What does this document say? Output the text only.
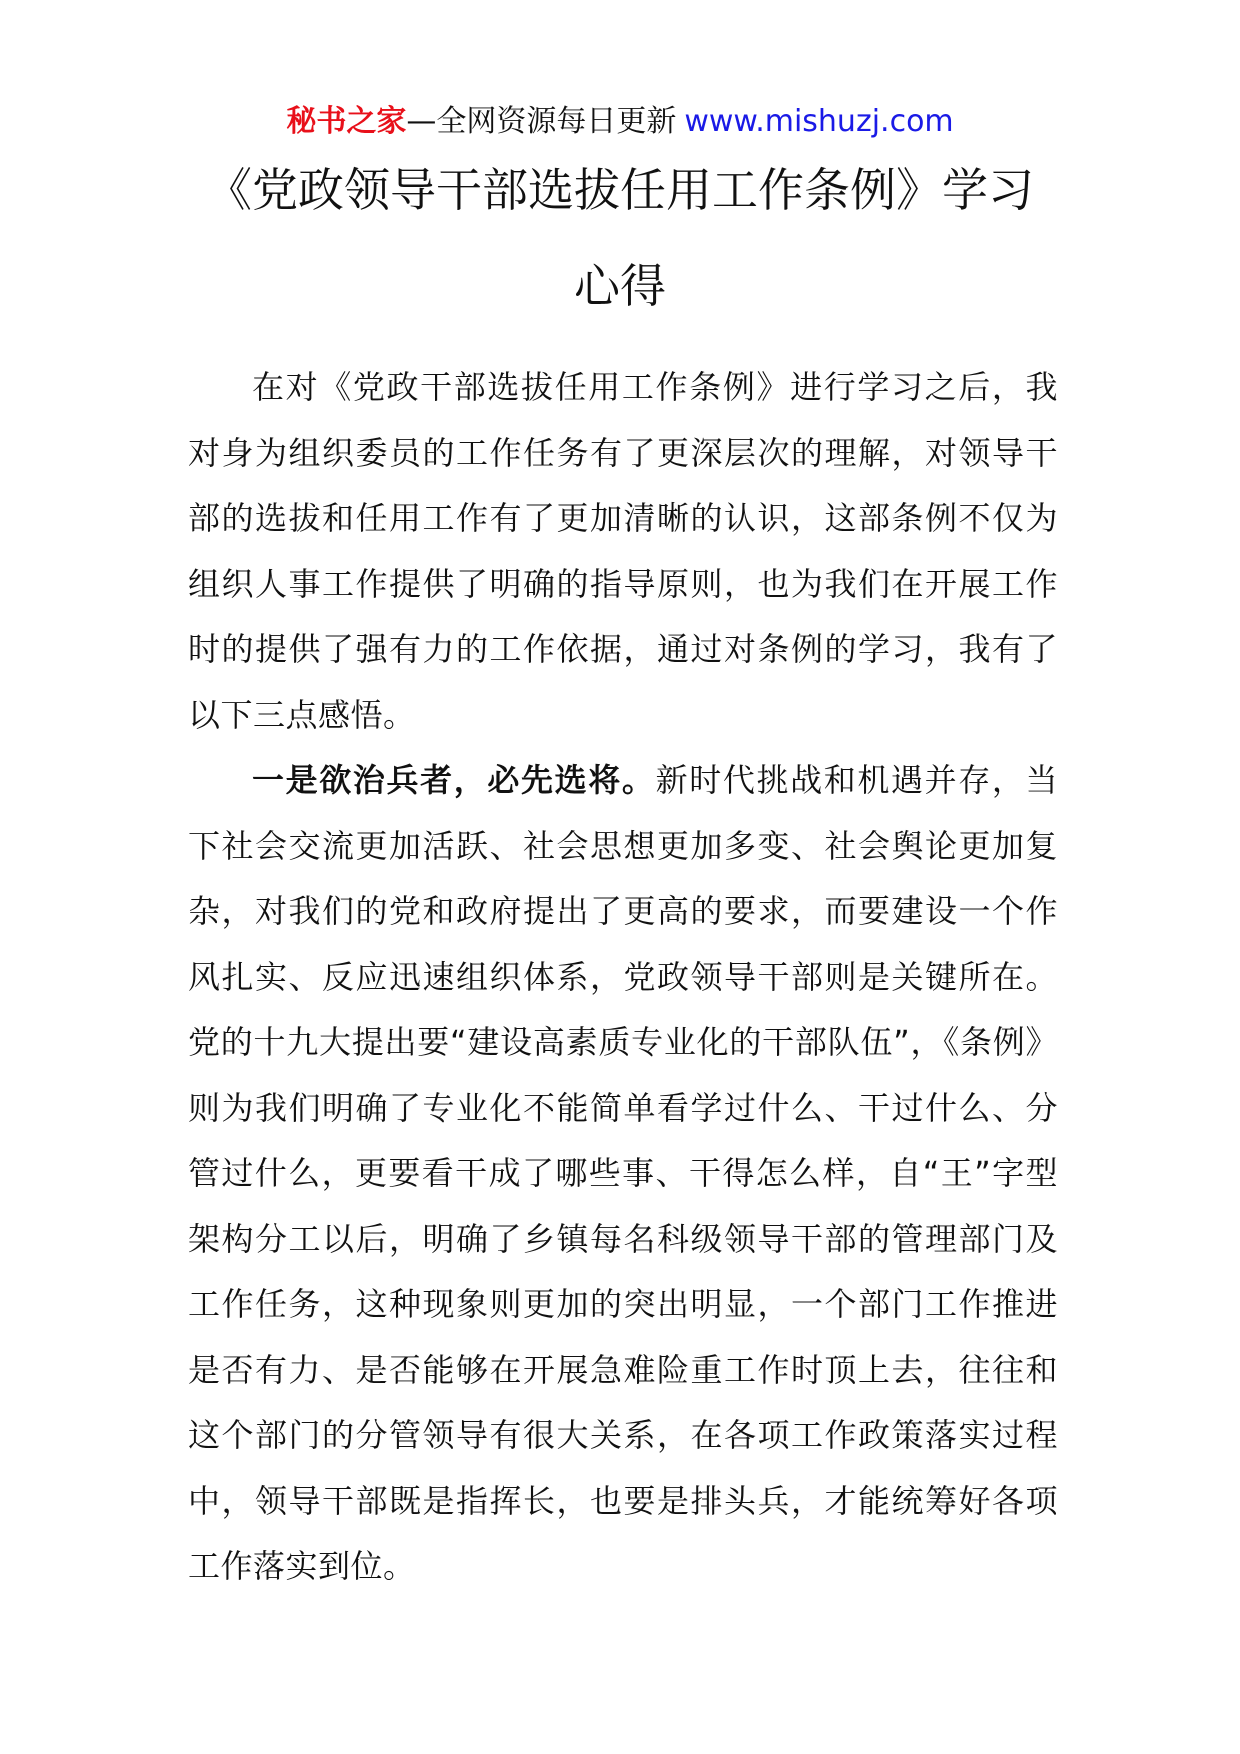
秘书之家—全网资源每日更新 www.mishuzj.com
《党政领导干部选拔任用工作条例》学习
心得

在对《党政干部选拔任用工作条例》进行学习之后，我对身为组织委员的工作任务有了更深层次的理解，对领导干部的选拔和任用工作有了更加清晰的认识，这部条例不仅为组织人事工作提供了明确的指导原则，也为我们在开展工作时的提供了强有力的工作依据，通过对条例的学习，我有了以下三点感悟。

一是欲治兵者，必先选将。新时代挑战和机遇并存，当下社会交流更加活跃、社会思想更加多变、社会舆论更加复杂，对我们的党和政府提出了更高的要求，而要建设一个作风扎实、反应迅速组织体系，党政领导干部则是关键所在。党的十九大提出要“建设高素质专业化的干部队伍”，《条例》则为我们明确了专业化不能简单看学过什么、干过什么、分管过什么，更要看干成了哪些事、干得怎么样，自“王”字型架构分工以后，明确了乡镇每名科级领导干部的管理部门及工作任务，这种现象则更加的突出明显，一个部门工作推进是否有力、是否能够在开展急难险重工作时顶上去，往往和这个部门的分管领导有很大关系，在各项工作政策落实过程中，领导干部既是指挥长，也要是排头兵，才能统筹好各项工作落实到位。
